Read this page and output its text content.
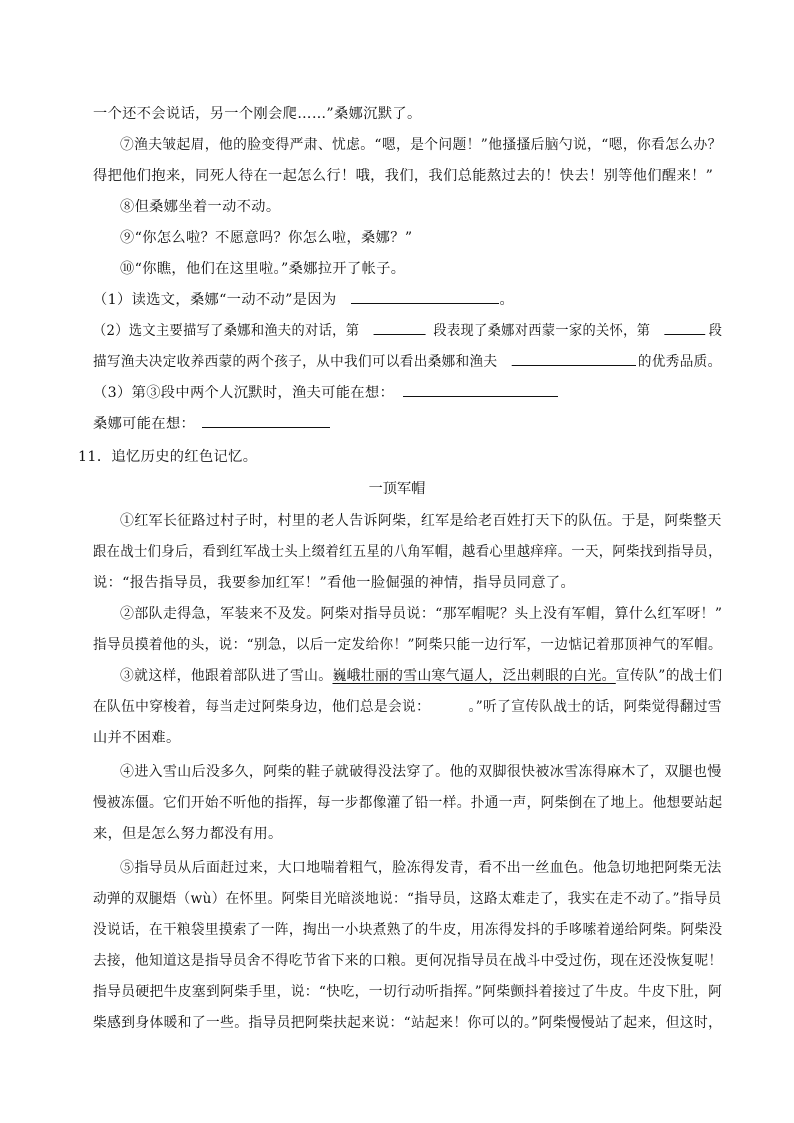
一个还不会说话，另一个刚会爬……”桑娜沉默了。
⑦渔夫皱起眉，他的脸变得严肃、忧虑。“嗯，是个问题！”他搔搔后脑勺说，“嗯，你看怎么办？
得把他们抱来，同死人待在一起怎么行！哦，我们，我们总能熬过去的！快去！别等他们醒来！”
⑧但桑娜坐着一动不动。
⑨“你怎么啦？不愿意吗？你怎么啦，桑娜？”
⑩“你瞧，他们在这里啦。”桑娜拉开了帐子。
（1）读选文，桑娜“一动不动”是因为	。
（2）选文主要描写了桑娜和渔夫的对话，第	段表现了桑娜对西蒙一家的关怀，第	段
描写渔夫决定收养西蒙的两个孩子，从中我们可以看出桑娜和渔夫	的优秀品质。
（3）第③段中两个人沉默时，渔夫可能在想：
桑娜可能在想：
11．追忆历史的红色记忆。
一顶军帽
①红军长征路过村子时，村里的老人告诉阿柴，红军是给老百姓打天下的队伍。于是，阿柴整天
跟在战士们身后，看到红军战士头上缀着红五星的八角军帽，越看心里越痒痒。一天，阿柴找到指导员，
说：“报告指导员，我要参加红军！”看他一脸倔强的神情，指导员同意了。
②部队走得急，军装来不及发。阿柴对指导员说：“那军帽呢？头上没有军帽，算什么红军呀！”
指导员摸着他的头，说：“别急，以后一定发给你！”阿柴只能一边行军，一边惦记着那顶神气的军帽。
③就这样，他跟着部队进了雪山。巍峨壮丽的雪山寒气逼人，泛出刺眼的白光。宣传队”的战士们
在队伍中穿梭着，每当走过阿柴身边，他们总是会说：	。”听了宣传队战士的话，阿柴觉得翻过雪
山并不困难。
④进入雪山后没多久，阿柴的鞋子就破得没法穿了。他的双脚很快被冰雪冻得麻木了，双腿也慢
慢被冻僵。它们开始不听他的指挥，每一步都像灌了铅一样。扑通一声，阿柴倒在了地上。他想要站起
来，但是怎么努力都没有用。
⑤指导员从后面赶过来，大口地喘着粗气，脸冻得发青，看不出一丝血色。他急切地把阿柴无法
动弹的双腿焐（wù）在怀里。阿柴目光暗淡地说：“指导员，这路太难走了，我实在走不动了。”指导员
没说话，在干粮袋里摸索了一阵，掏出一小块煮熟了的牛皮，用冻得发抖的手哆嗦着递给阿柴。阿柴没
去接，他知道这是指导员舍不得吃节省下来的口粮。更何况指导员在战斗中受过伤，现在还没恢复呢！
指导员硬把牛皮塞到阿柴手里，说：“快吃，一切行动听指挥。”阿柴颤抖着接过了牛皮。牛皮下肚，阿
柴感到身体暖和了一些。指导员把阿柴扶起来说：“站起来！你可以的。”阿柴慢慢站了起来，但这时，
